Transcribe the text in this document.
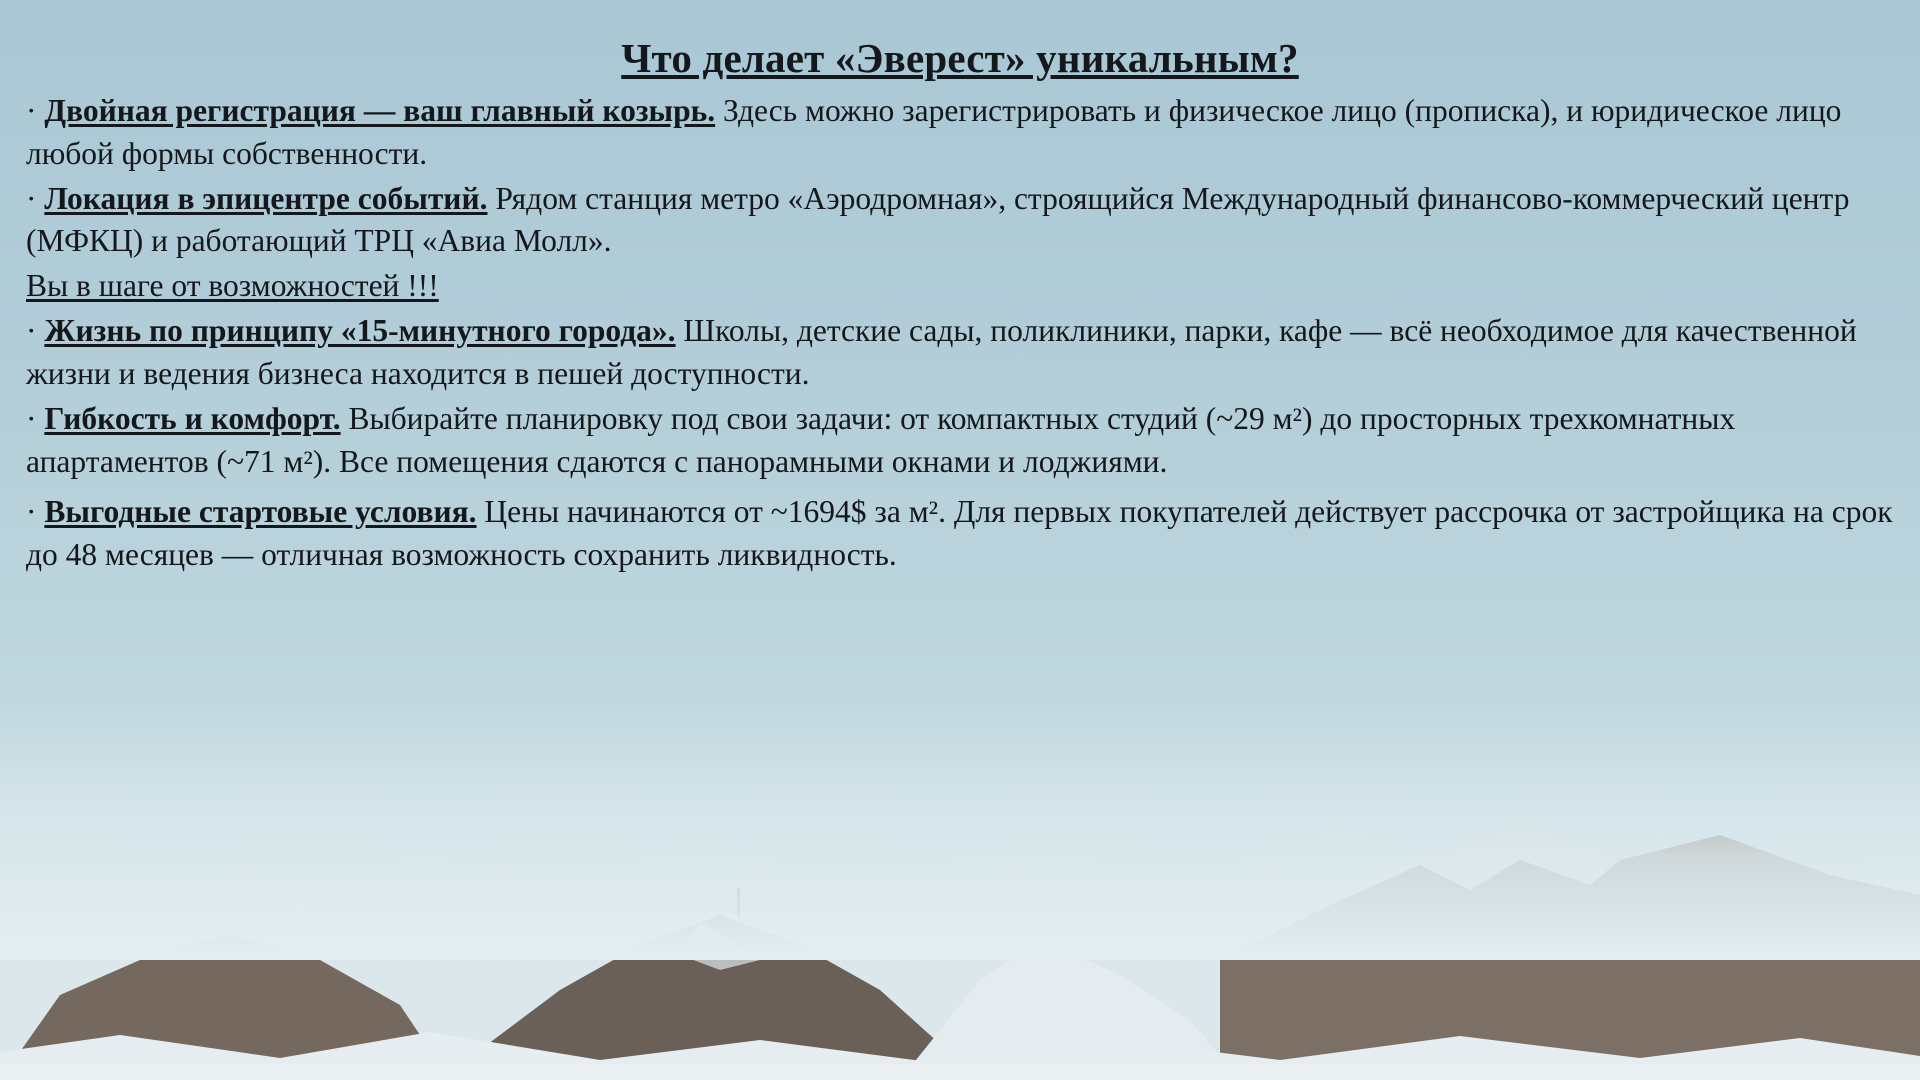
Что делает «Эверест» уникальным?

· Двойная регистрация — ваш главный козырь. Здесь можно зарегистрировать и физическое лицо (прописка), и юридическое лицо любой формы собственности.

· Локация в эпицентре событий. Рядом станция метро «Аэродромная», строящийся Международный финансово-коммерческий центр (МФКЦ) и работающий ТРЦ «Авиа Молл».

Вы в шаге от возможностей !!!

· Жизнь по принципу «15-минутного города». Школы, детские сады, поликлиники, парки, кафе — всё необходимое для качественной жизни и ведения бизнеса находится в пешей доступности.

· Гибкость и комфорт. Выбирайте планировку под свои задачи: от компактных студий (~29 м²) до просторных трехкомнатных апартаментов (~71 м²). Все помещения сдаются с панорамными окнами и лоджиями.

· Выгодные стартовые условия. Цены начинаются от ~1694$ за м². Для первых покупателей действует рассрочка от застройщика на срок до 48 месяцев — отличная возможность сохранить ликвидность.
